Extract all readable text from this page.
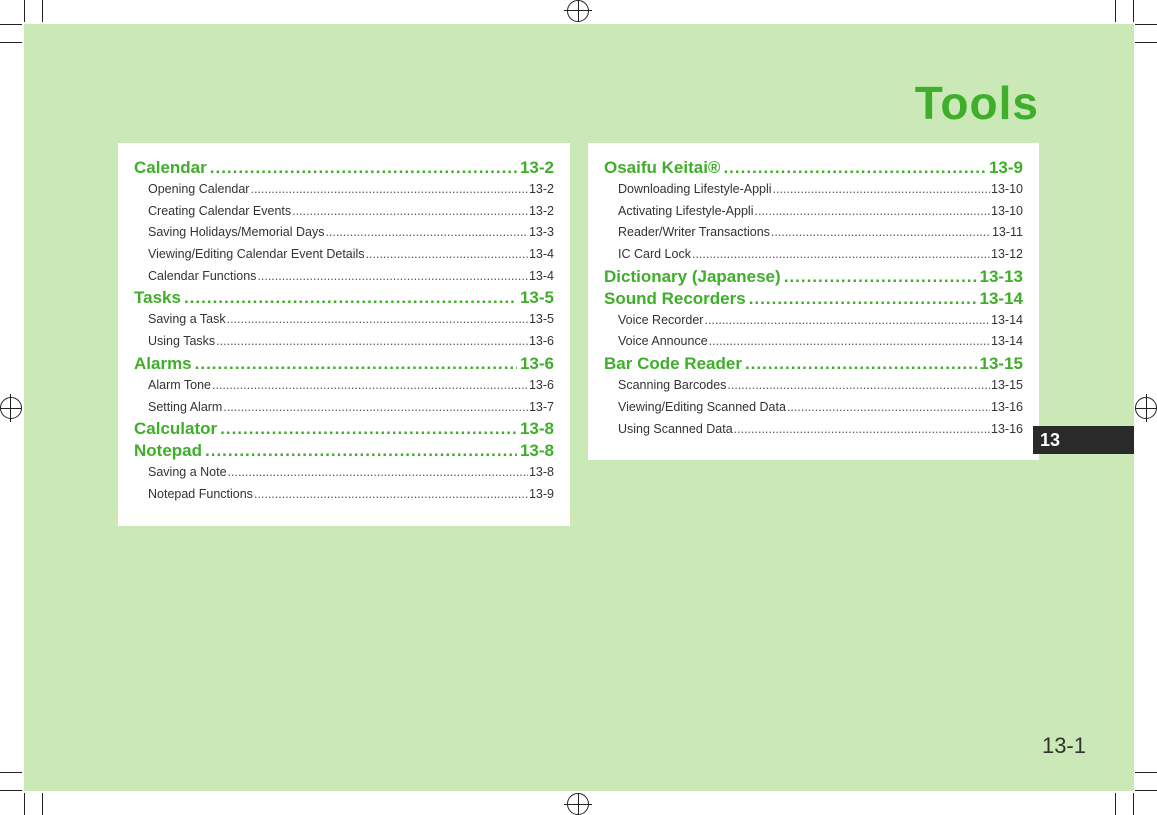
Tools
Calendar .....	13-2
Opening Calendar .....	13-2
Creating Calendar Events .....	13-2
Saving Holidays/Memorial Days .....	13-3
Viewing/Editing Calendar Event Details .....	13-4
Calendar Functions .....	13-4
Tasks .....	13-5
Saving a Task .....	13-5
Using Tasks .....	13-6
Alarms .....	13-6
Alarm Tone .....	13-6
Setting Alarm .....	13-7
Calculator .....	13-8
Notepad .....	13-8
Saving a Note .....	13-8
Notepad Functions .....	13-9
Osaifu Keitai® .....	13-9
Downloading Lifestyle-Appli .....	13-10
Activating Lifestyle-Appli .....	13-10
Reader/Writer Transactions .....	13-11
IC Card Lock .....	13-12
Dictionary (Japanese) .....	13-13
Sound Recorders .....	13-14
Voice Recorder .....	13-14
Voice Announce .....	13-14
Bar Code Reader .....	13-15
Scanning Barcodes .....	13-15
Viewing/Editing Scanned Data .....	13-16
Using Scanned Data .....	13-16
13
13-1
